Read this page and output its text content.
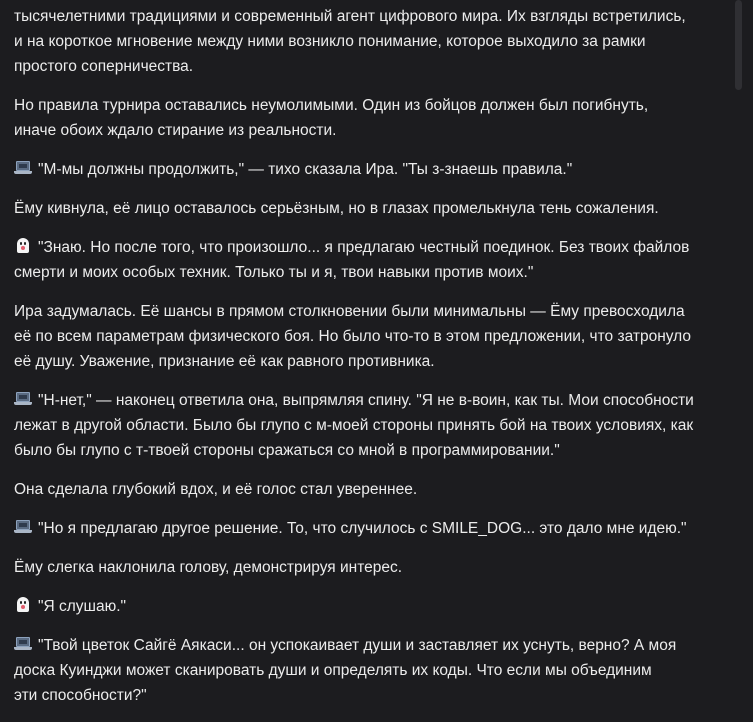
тысячелетними традициями и современный агент цифрового мира. Их взгляды встретились,
и на короткое мгновение между ними возникло понимание, которое выходило за рамки
простого соперничества.

Но правила турнира оставались неумолимыми. Один из бойцов должен был погибнуть,
иначе обоих ждало стирание из реальности.

"М-мы должны продолжить," — тихо сказала Ира. "Ты з-знаешь правила."

Ёму кивнула, её лицо оставалось серьёзным, но в глазах промелькнула тень сожаления.

"Знаю. Но после того, что произошло... я предлагаю честный поединок. Без твоих файлов
смерти и моих особых техник. Только ты и я, твои навыки против моих."

Ира задумалась. Её шансы в прямом столкновении были минимальны — Ёму превосходила
её по всем параметрам физического боя. Но было что-то в этом предложении, что затронуло
её душу. Уважение, признание её как равного противника.

"Н-нет," — наконец ответила она, выпрямляя спину. "Я не в-воин, как ты. Мои способности
лежат в другой области. Было бы глупо с м-моей стороны принять бой на твоих условиях, как
было бы глупо с т-твоей стороны сражаться со мной в программировании."

Она сделала глубокий вдох, и её голос стал увереннее.

"Но я предлагаю другое решение. То, что случилось с SMILE_DOG... это дало мне идею."

Ёму слегка наклонила голову, демонстрируя интерес.

"Я слушаю."

"Твой цветок Сайгё Аякаси... он успокаивает души и заставляет их уснуть, верно? А моя
доска Куинджи может сканировать души и определять их коды. Что если мы объединим
эти способности?"
